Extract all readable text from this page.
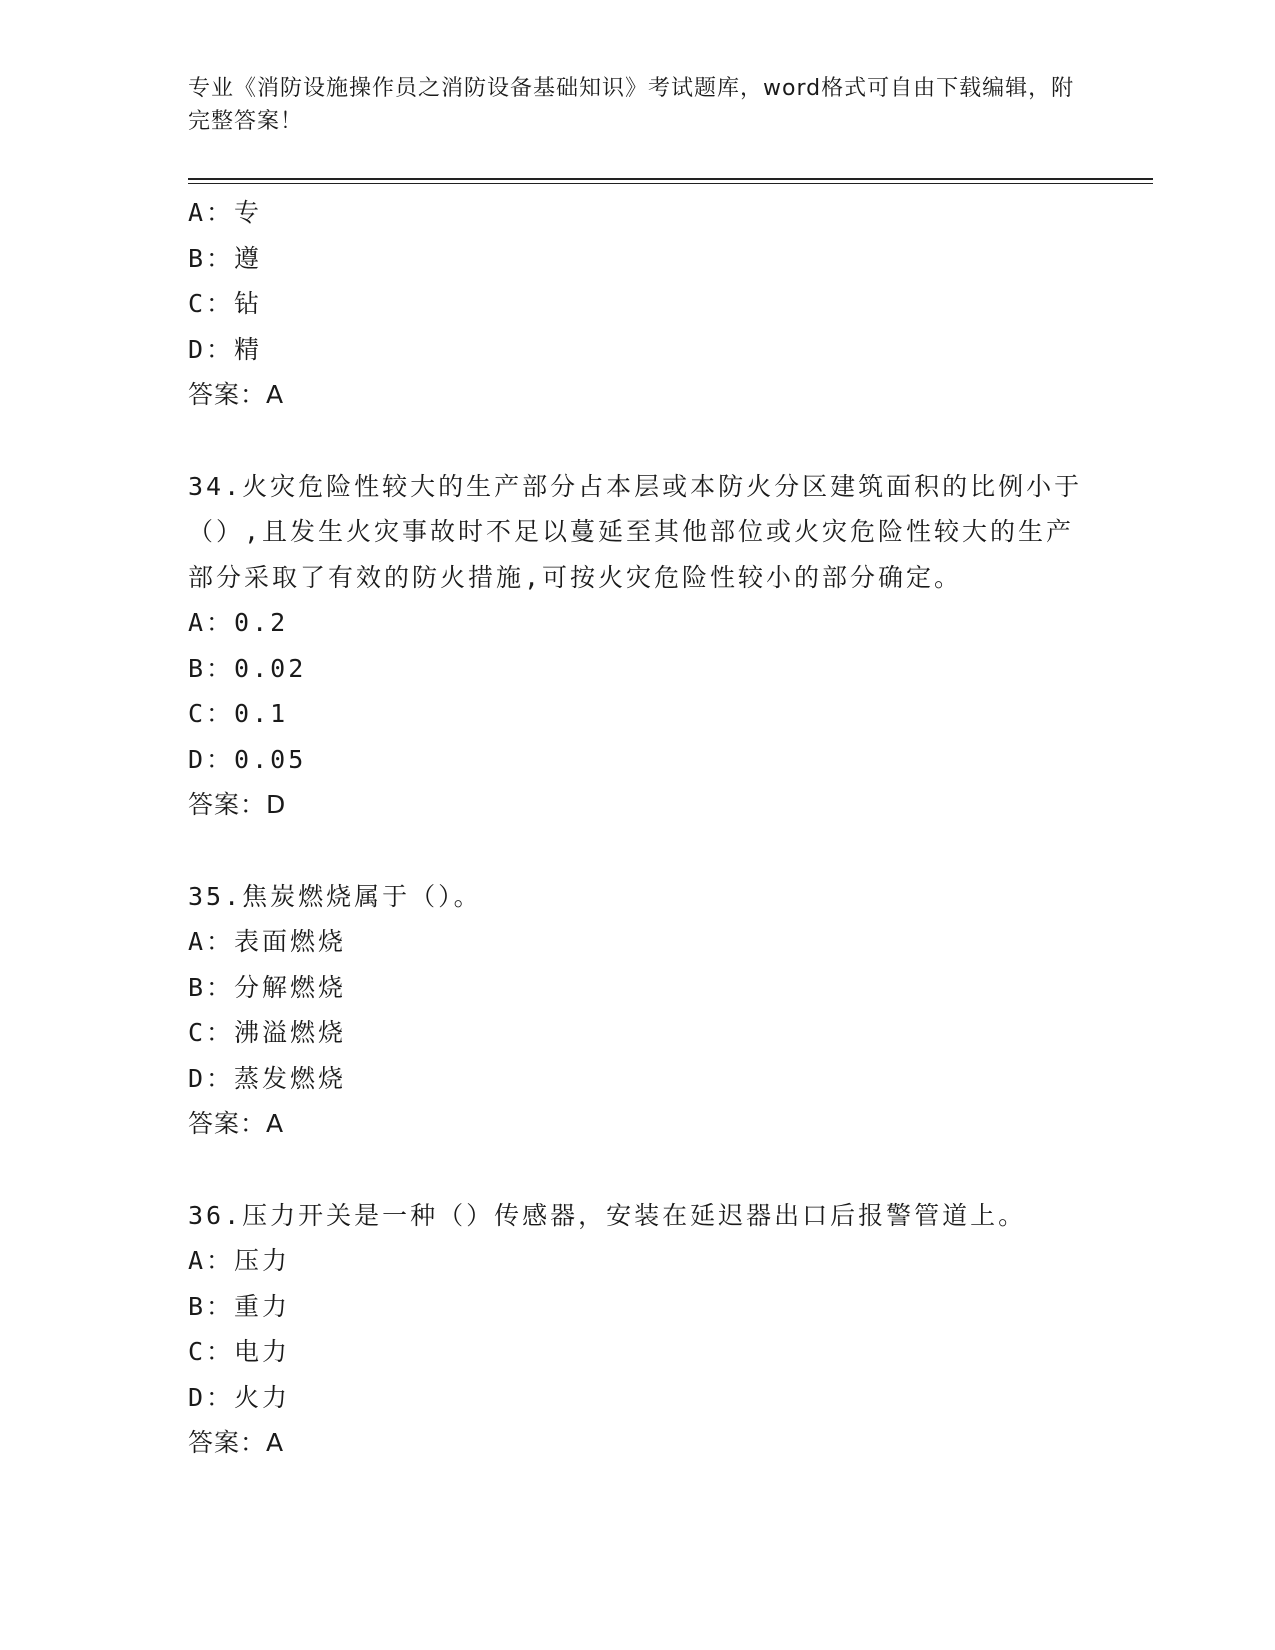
专业《消防设施操作员之消防设备基础知识》考试题库，word格式可自由下载编辑，附完整答案！
A：专
B：遵
C：钻
D：精
答案：A
34.火灾危险性较大的生产部分占本层或本防火分区建筑面积的比例小于（）,且发生火灾事故时不足以蔓延至其他部位或火灾危险性较大的生产部分采取了有效的防火措施,可按火灾危险性较小的部分确定。
A：0.2
B：0.02
C：0.1
D：0.05
答案：D
35.焦炭燃烧属于（）。
A：表面燃烧
B：分解燃烧
C：沸溢燃烧
D：蒸发燃烧
答案：A
36.压力开关是一种（）传感器，安装在延迟器出口后报警管道上。
A：压力
B：重力
C：电力
D：火力
答案：A
